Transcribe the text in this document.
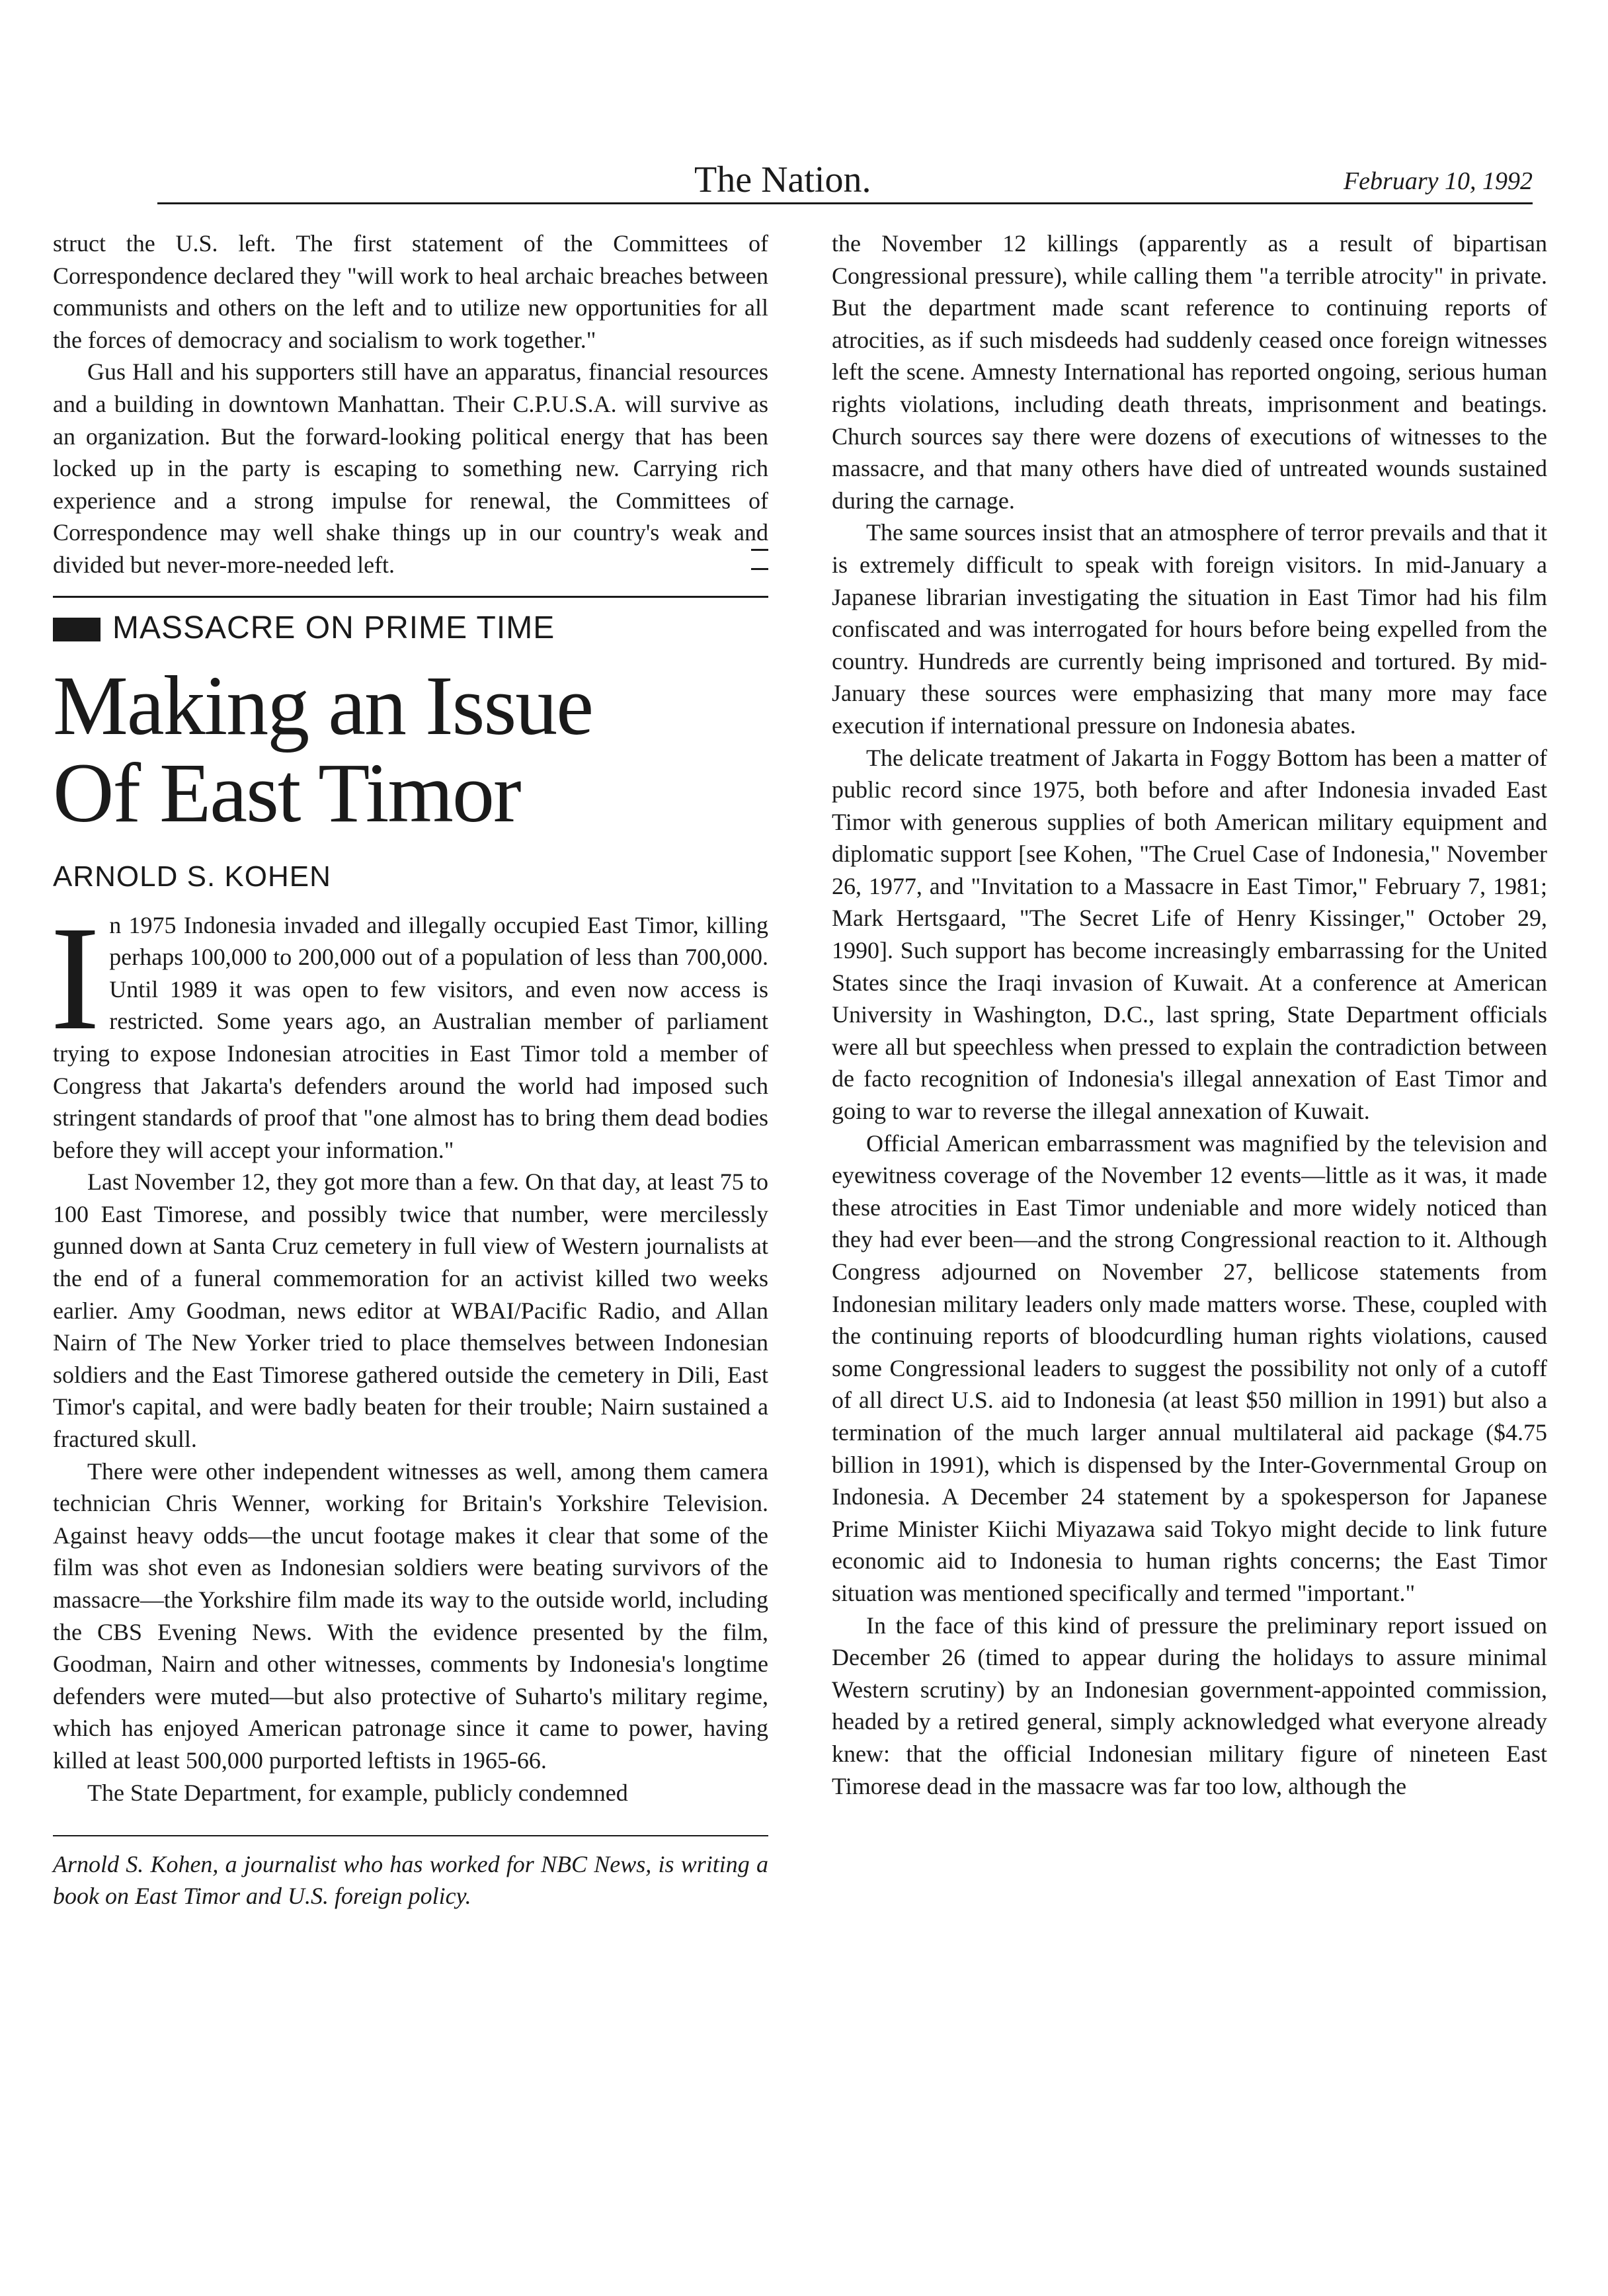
The Nation.	February 10, 1992

struct the U.S. left. The first statement of the Committees of Correspondence declared they "will work to heal archaic breaches between communists and others on the left and to utilize new opportunities for all the forces of democracy and socialism to work together."

Gus Hall and his supporters still have an apparatus, financial resources and a building in downtown Manhattan. Their C.P.U.S.A. will survive as an organization. But the forward-looking political energy that has been locked up in the party is escaping to something new. Carrying rich experience and a strong impulse for renewal, the Committees of Correspondence may well shake things up in our country's weak and divided but never-more-needed left.

MASSACRE ON PRIME TIME
Making an Issue
Of East Timor
ARNOLD S. KOHEN

In 1975 Indonesia invaded and illegally occupied East Timor, killing perhaps 100,000 to 200,000 out of a population of less than 700,000. Until 1989 it was open to few visitors, and even now access is restricted. Some years ago, an Australian member of parliament trying to expose Indonesian atrocities in East Timor told a member of Congress that Jakarta's defenders around the world had imposed such stringent standards of proof that "one almost has to bring them dead bodies before they will accept your information."

Last November 12, they got more than a few. On that day, at least 75 to 100 East Timorese, and possibly twice that number, were mercilessly gunned down at Santa Cruz cemetery in full view of Western journalists at the end of a funeral commemoration for an activist killed two weeks earlier. Amy Goodman, news editor at WBAI/Pacific Radio, and Allan Nairn of The New Yorker tried to place themselves between Indonesian soldiers and the East Timorese gathered outside the cemetery in Dili, East Timor's capital, and were badly beaten for their trouble; Nairn sustained a fractured skull.

There were other independent witnesses as well, among them camera technician Chris Wenner, working for Britain's Yorkshire Television. Against heavy odds—the uncut footage makes it clear that some of the film was shot even as Indonesian soldiers were beating survivors of the massacre—the Yorkshire film made its way to the outside world, including the CBS Evening News. With the evidence presented by the film, Goodman, Nairn and other witnesses, comments by Indonesia's longtime defenders were muted—but also protective of Suharto's military regime, which has enjoyed American patronage since it came to power, having killed at least 500,000 purported leftists in 1965-66.

The State Department, for example, publicly condemned

Arnold S. Kohen, a journalist who has worked for NBC News, is writing a book on East Timor and U.S. foreign policy.

the November 12 killings (apparently as a result of bipartisan Congressional pressure), while calling them "a terrible atrocity" in private. But the department made scant reference to continuing reports of atrocities, as if such misdeeds had suddenly ceased once foreign witnesses left the scene. Amnesty International has reported ongoing, serious human rights violations, including death threats, imprisonment and beatings. Church sources say there were dozens of executions of witnesses to the massacre, and that many others have died of untreated wounds sustained during the carnage.

The same sources insist that an atmosphere of terror prevails and that it is extremely difficult to speak with foreign visitors. In mid-January a Japanese librarian investigating the situation in East Timor had his film confiscated and was interrogated for hours before being expelled from the country. Hundreds are currently being imprisoned and tortured. By mid-January these sources were emphasizing that many more may face execution if international pressure on Indonesia abates.

The delicate treatment of Jakarta in Foggy Bottom has been a matter of public record since 1975, both before and after Indonesia invaded East Timor with generous supplies of both American military equipment and diplomatic support [see Kohen, "The Cruel Case of Indonesia," November 26, 1977, and "Invitation to a Massacre in East Timor," February 7, 1981; Mark Hertsgaard, "The Secret Life of Henry Kissinger," October 29, 1990]. Such support has become increasingly embarrassing for the United States since the Iraqi invasion of Kuwait. At a conference at American University in Washington, D.C., last spring, State Department officials were all but speechless when pressed to explain the contradiction between de facto recognition of Indonesia's illegal annexation of East Timor and going to war to reverse the illegal annexation of Kuwait.

Official American embarrassment was magnified by the television and eyewitness coverage of the November 12 events—little as it was, it made these atrocities in East Timor undeniable and more widely noticed than they had ever been—and the strong Congressional reaction to it. Although Congress adjourned on November 27, bellicose statements from Indonesian military leaders only made matters worse. These, coupled with the continuing reports of bloodcurdling human rights violations, caused some Congressional leaders to suggest the possibility not only of a cutoff of all direct U.S. aid to Indonesia (at least $50 million in 1991) but also a termination of the much larger annual multilateral aid package ($4.75 billion in 1991), which is dispensed by the Inter-Governmental Group on Indonesia. A December 24 statement by a spokesperson for Japanese Prime Minister Kiichi Miyazawa said Tokyo might decide to link future economic aid to Indonesia to human rights concerns; the East Timor situation was mentioned specifically and termed "important."

In the face of this kind of pressure the preliminary report issued on December 26 (timed to appear during the holidays to assure minimal Western scrutiny) by an Indonesian government-appointed commission, headed by a retired general, simply acknowledged what everyone already knew: that the official Indonesian military figure of nineteen East Timorese dead in the massacre was far too low, although the
